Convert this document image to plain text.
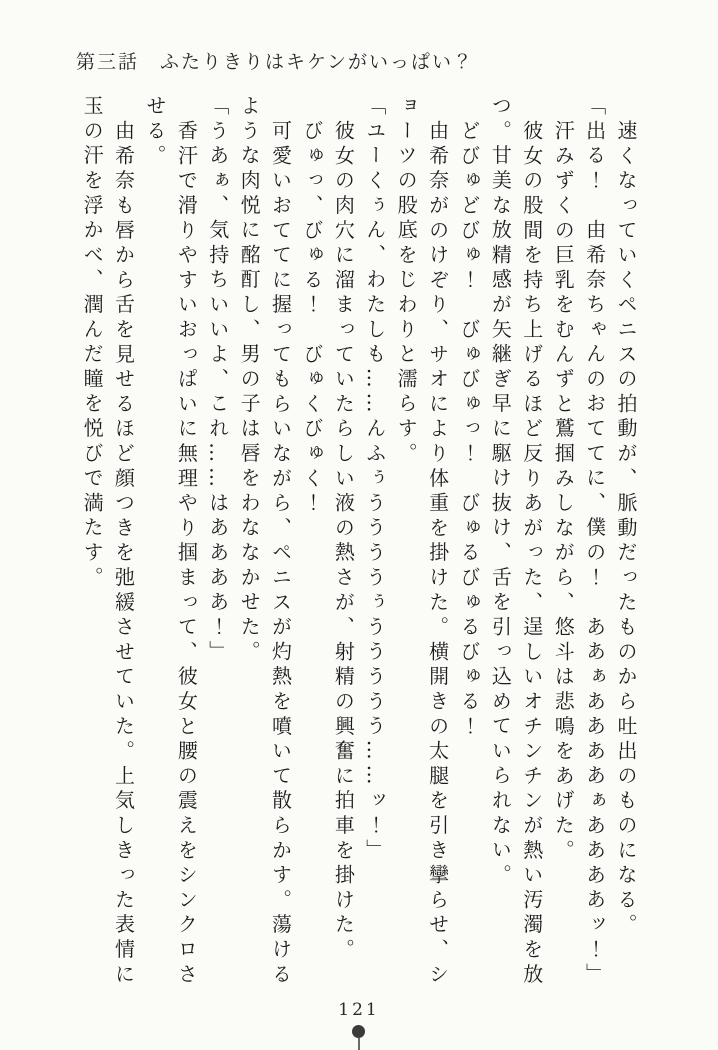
第三話　ふたりきりはキケンがいっぱい？

速くなっていくペニスの拍動が、脈動だったものから吐出のものになる。

「出る！　由希奈ちゃんのおててに、僕の！　ああぁああああぁああああッ！」

汗みずくの巨乳をむんずと鷲掴みしながら、悠斗は悲鳴をあげた。

彼女の股間を持ち上げるほど反りあがった、逞しいオチンチンが熱い汚濁を放つ。甘美な放精感が矢継ぎ早に駆け抜け、舌を引っ込めていられない。

どびゅどびゅ！　びゅびゅっ！　びゅるびゅるびゅる！

由希奈がのけぞり、サオにより体重を掛けた。横開きの太腿を引き攣らせ、ショーツの股底をじわりと濡らす。

「ユーくぅん、わたしも……んふぅううううぅううううう……ッ！」

彼女の肉穴に溜まっていたらしい液の熱さが、射精の興奮に拍車を掛けた。

びゅっ、びゅる！　びゅくびゅく！

可愛いおててに握ってもらいながら、ペニスが灼熱を噴いて散らかす。蕩けるような肉悦に酩酊し、男の子は唇をわななかせた。

「うあぁ、気持ちいいよ、これ……はああああ！」

香汗で滑りやすいおっぱいに無理やり掴まって、彼女と腰の震えをシンクロさせる。

由希奈も唇から舌を見せるほど顔つきを弛緩させていた。上気しきった表情に玉の汗を浮かべ、潤んだ瞳を悦びで満たす。

121
